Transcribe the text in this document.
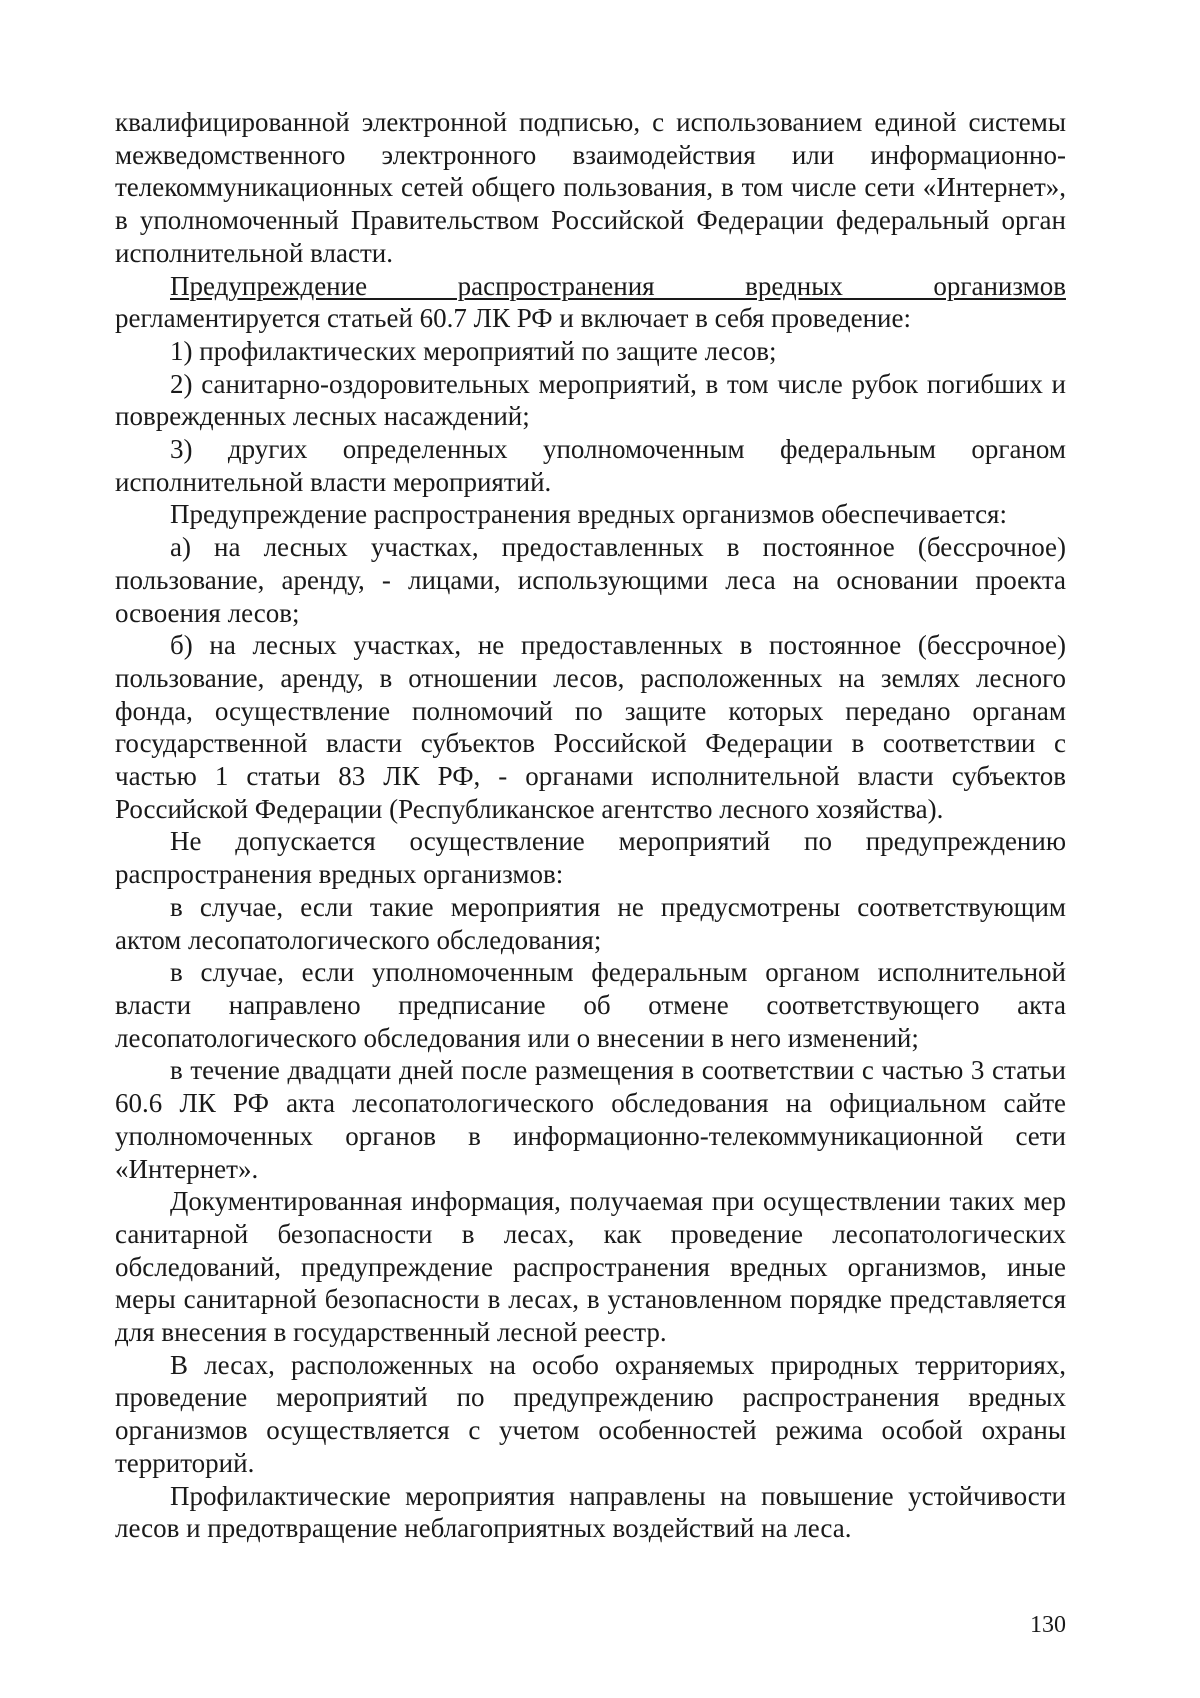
квалифицированной электронной подписью, с использованием единой системы межведомственного электронного взаимодействия или информационно-телекоммуникационных сетей общего пользования, в том числе сети «Интернет», в уполномоченный Правительством Российской Федерации федеральный орган исполнительной власти.

Предупреждение распространения вредных организмов
регламентируется статьей 60.7 ЛК РФ и включает в себя проведение:

1) профилактических мероприятий по защите лесов;

2) санитарно-оздоровительных мероприятий, в том числе рубок погибших и поврежденных лесных насаждений;

3) других определенных уполномоченным федеральным органом исполнительной власти мероприятий.

Предупреждение распространения вредных организмов обеспечивается:

а) на лесных участках, предоставленных в постоянное (бессрочное) пользование, аренду, - лицами, использующими леса на основании проекта освоения лесов;

б) на лесных участках, не предоставленных в постоянное (бессрочное) пользование, аренду, в отношении лесов, расположенных на землях лесного фонда, осуществление полномочий по защите которых передано органам государственной власти субъектов Российской Федерации в соответствии с частью 1 статьи 83 ЛК РФ, - органами исполнительной власти субъектов Российской Федерации (Республиканское агентство лесного хозяйства).

Не допускается осуществление мероприятий по предупреждению распространения вредных организмов:

в случае, если такие мероприятия не предусмотрены соответствующим актом лесопатологического обследования;

в случае, если уполномоченным федеральным органом исполнительной власти направлено предписание об отмене соответствующего акта лесопатологического обследования или о внесении в него изменений;

в течение двадцати дней после размещения в соответствии с частью 3 статьи 60.6 ЛК РФ акта лесопатологического обследования на официальном сайте уполномоченных органов в информационно-телекоммуникационной сети «Интернет».

Документированная информация, получаемая при осуществлении таких мер санитарной безопасности в лесах, как проведение лесопатологических обследований, предупреждение распространения вредных организмов, иные меры санитарной безопасности в лесах, в установленном порядке представляется для внесения в государственный лесной реестр.

В лесах, расположенных на особо охраняемых природных территориях, проведение мероприятий по предупреждению распространения вредных организмов осуществляется с учетом особенностей режима особой охраны территорий.

Профилактические мероприятия направлены на повышение устойчивости лесов и предотвращение неблагоприятных воздействий на леса.

130
